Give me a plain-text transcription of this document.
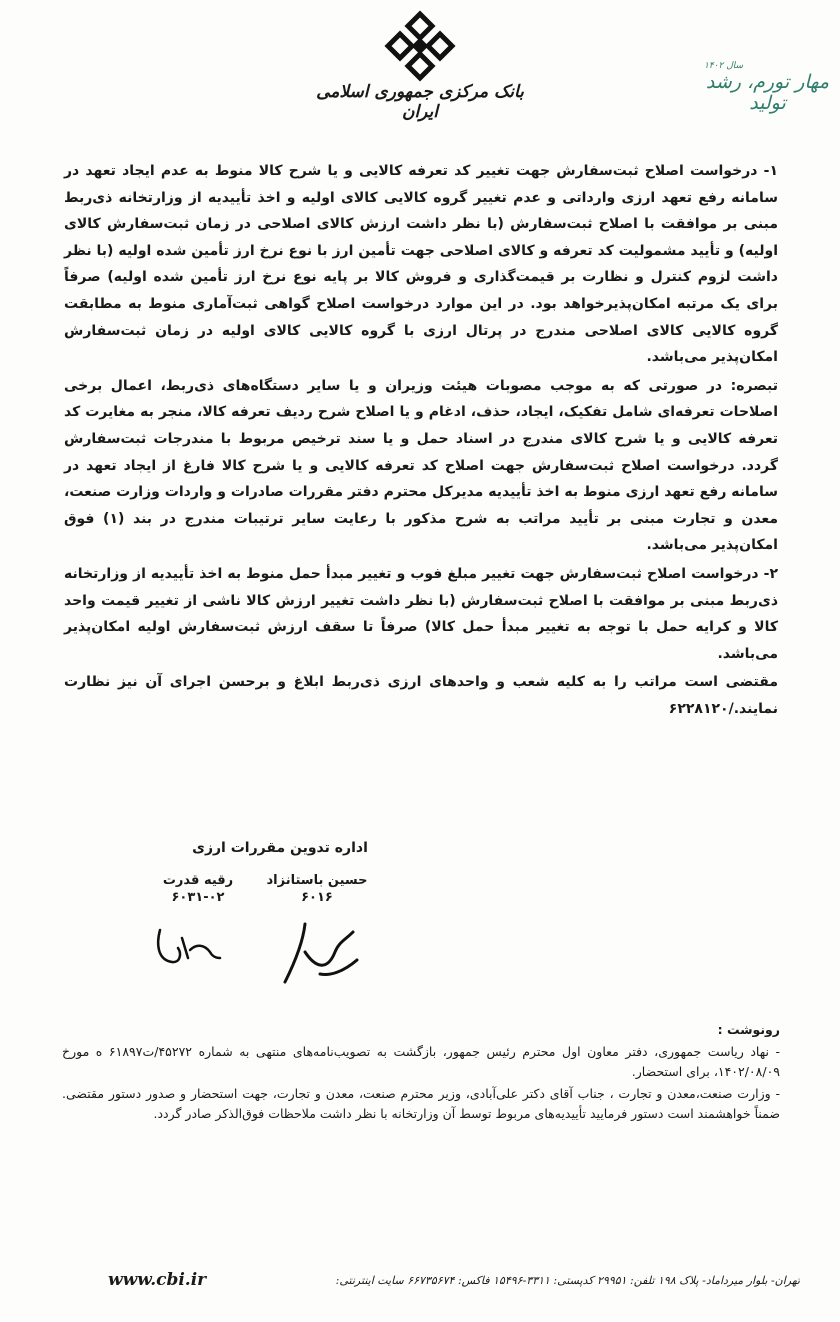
بانک مرکزی جمهوری اسلامی ایران
سال ۱۴۰۲
مهار تورم، رشد تولید

۱- درخواست اصلاح ثبت‌سفارش جهت تغییر کد تعرفه کالایی و یا شرح کالا منوط به عدم ایجاد تعهد در سامانه رفع تعهد ارزی وارداتی و عدم تغییر گروه کالایی کالای اولیه و اخذ تأییدیه از وزارتخانه ذی‌ربط مبنی بر موافقت با اصلاح ثبت‌سفارش (با نظر داشت ارزش کالای اصلاحی در زمان ثبت‌سفارش کالای اولیه) و تأیید مشمولیت کد تعرفه و کالای اصلاحی جهت تأمین ارز با نوع نرخ ارز تأمین شده اولیه (با نظر داشت لزوم کنترل و نظارت بر قیمت‌گذاری و فروش کالا بر پایه نوع نرخ ارز تأمین شده اولیه) صرفاً برای یک مرتبه امکان‌پذیرخواهد بود. در این موارد درخواست اصلاح گواهی ثبت‌آماری منوط به مطابقت گروه کالایی کالای اصلاحی مندرج در پرتال ارزی با گروه کالایی کالای اولیه در زمان ثبت‌سفارش امکان‌پذیر می‌باشد.

تبصره: در صورتی که به موجب مصوبات هیئت وزیران و یا سایر دستگاه‌های ذی‌ربط، اعمال برخی اصلاحات تعرفه‌ای شامل تفکیک، ایجاد، حذف، ادغام و یا اصلاح شرح ردیف تعرفه کالا، منجر به مغایرت کد تعرفه کالایی و یا شرح کالای مندرج در اسناد حمل و یا سند ترخیص مربوط با مندرجات ثبت‌سفارش گردد. درخواست اصلاح ثبت‌سفارش جهت اصلاح کد تعرفه کالایی و یا شرح کالا فارغ از ایجاد تعهد در سامانه رفع تعهد ارزی منوط به اخذ تأییدیه مدیرکل محترم دفتر مقررات صادرات و واردات وزارت صنعت، معدن و تجارت مبنی بر تأیید مراتب به شرح مذکور با رعایت سایر ترتیبات مندرج در بند (۱) فوق امکان‌پذیر می‌باشد.

۲- درخواست اصلاح ثبت‌سفارش جهت تغییر مبلغ فوب و تغییر مبدأ حمل منوط به اخذ تأییدیه از وزارتخانه ذی‌ربط مبنی بر موافقت با اصلاح ثبت‌سفارش (با نظر داشت تغییر ارزش کالا ناشی از تغییر قیمت واحد کالا و کرایه حمل با توجه به تغییر مبدأ حمل کالا) صرفاً تا سقف ارزش ثبت‌سفارش اولیه امکان‌پذیر می‌باشد.

مقتضی است مراتب را به کلیه شعب و واحدهای ارزی ذی‌ربط ابلاغ و برحسن اجرای آن نیز نظارت نمایند./۶۲۲۸۱۲۰

اداره تدوین مقررات ارزی
حسین باستانزاد
۶۰۱۶
رقیه قدرت
۶۰۳۱-۰۲

رونوشت :

- نهاد ریاست جمهوری، دفتر معاون اول محترم رئیس جمهور، بازگشت به تصویب‌نامه‌های منتهی به شماره ۴۵۲۷۲/ت۶۱۸۹۷ ه مورخ ۱۴۰۲/۰۸/۰۹، برای استحضار.

- وزارت صنعت،معدن و تجارت ، جناب آقای دکتر علی‌آبادی، وزیر محترم صنعت، معدن و تجارت، جهت استحضار و صدور دستور مقتضی. ضمناً خواهشمند است دستور فرمایید تأییدیه‌های مربوط توسط آن وزارتخانه با نظر داشت ملاحظات فوق‌الذکر صادر گردد.

www.cbi.ir	تهران- بلوار میرداماد- پلاک ۱۹۸ تلفن: ۲۹۹۵۱ کدپستی: ۳۳۱۱-۱۵۴۹۶ فاکس: ۶۶۷۳۵۶۷۴ سایت اینترنتی:
